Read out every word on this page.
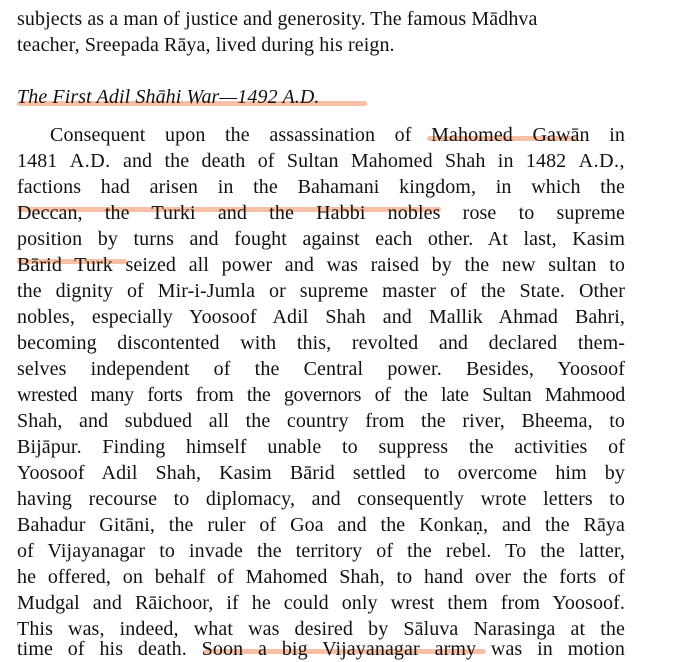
subjects as a man of justice and generosity. The famous Mādhva
teacher, Sreepada Rāya, lived during his reign.
The First Adil Shāhi War—1492 A.D.
Consequent upon the assassination of Mahomed Gawān in
1481 A.D. and the death of Sultan Mahomed Shah in 1482 A.D.,
factions had arisen in the Bahamani kingdom, in which the
Deccan, the Turki and the Habbi nobles rose to supreme
position by turns and fought against each other. At last, Kasim
Bārid Turk seized all power and was raised by the new sultan to
the dignity of Mir-i-Jumla or supreme master of the State. Other
nobles, especially Yoosoof Adil Shah and Mallik Ahmad Bahri,
becoming discontented with this, revolted and declared them-
selves independent of the Central power. Besides, Yoosoof
wrested many forts from the governors of the late Sultan Mahmood
Shah, and subdued all the country from the river, Bheema, to
Bijāpur. Finding himself unable to suppress the activities of
Yoosoof Adil Shah, Kasim Bārid settled to overcome him by
having recourse to diplomacy, and consequently wrote letters to
Bahadur Gitāni, the ruler of Goa and the Konkaṇ, and the Rāya
of Vijayanagar to invade the territory of the rebel. To the latter,
he offered, on behalf of Mahomed Shah, to hand over the forts of
Mudgal and Rāichoor, if he could only wrest them from Yoosoof.
This was, indeed, what was desired by Sāluva Narasinga at the
time of his death. Soon a big Vijayanagar army was in motion
